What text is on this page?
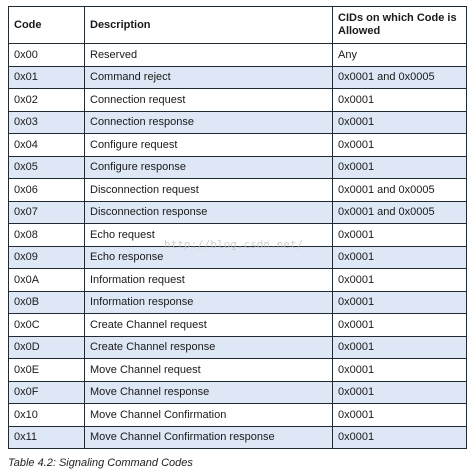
Code	Description	CIDs on which Code is Allowed
0x00	Reserved	Any
0x01	Command reject	0x0001 and 0x0005
0x02	Connection request	0x0001
0x03	Connection response	0x0001
0x04	Configure request	0x0001
0x05	Configure response	0x0001
0x06	Disconnection request	0x0001 and 0x0005
0x07	Disconnection response	0x0001 and 0x0005
0x08	Echo request	0x0001
0x09	Echo response	0x0001
0x0A	Information request	0x0001
0x0B	Information response	0x0001
0x0C	Create Channel request	0x0001
0x0D	Create Channel response	0x0001
0x0E	Move Channel request	0x0001
0x0F	Move Channel response	0x0001
0x10	Move Channel Confirmation	0x0001
0x11	Move Channel Confirmation response	0x0001
http://blog.csdn.net/
Table 4.2: Signaling Command Codes
